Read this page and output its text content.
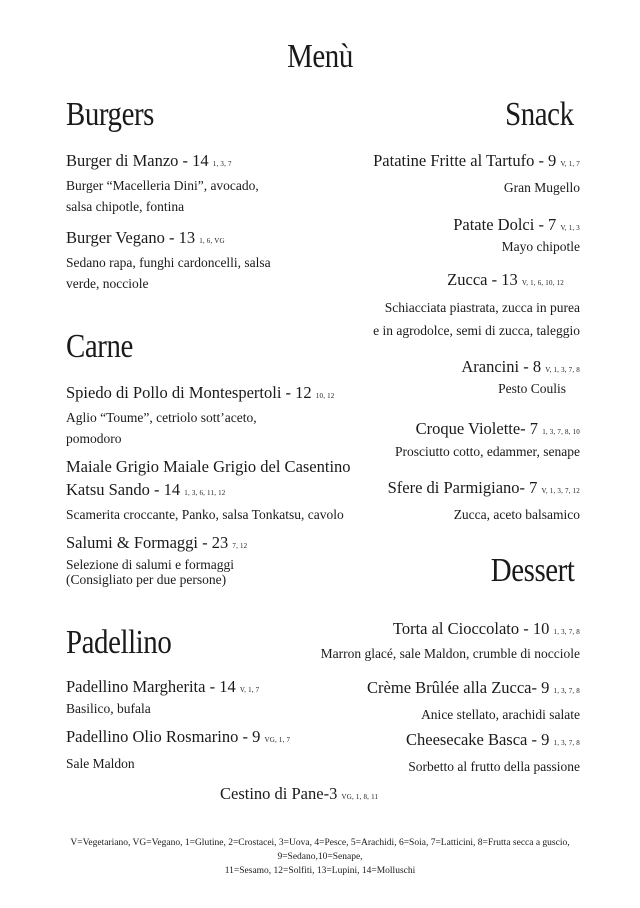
Menù
Burgers
Burger di Manzo - 14 1, 3, 7
Burger “Macelleria Dini”, avocado,
salsa chipotle, fontina
Burger Vegano - 13 1, 6, VG
Sedano rapa, funghi cardoncelli, salsa
verde, nocciole
Carne
Spiedo di Pollo di Montespertoli - 12 10, 12
Aglio “Toume”, cetriolo sott’aceto,
pomodoro
Maiale Grigio Maiale Grigio del Casentino
Katsu Sando - 14 1, 3, 6, 11, 12
Scamerita croccante, Panko, salsa Tonkatsu, cavolo
Salumi & Formaggi - 23 7, 12
Selezione di salumi e formaggi
(Consigliato per due persone)
Padellino
Padellino Margherita - 14 V, 1, 7
Basilico, bufala
Padellino Olio Rosmarino - 9 VG, 1, 7
Sale Maldon
Snack
Patatine Fritte al Tartufo - 9 V, 1, 7
Gran Mugello
Patate Dolci - 7 V, 1, 3
Mayo chipotle
Zucca - 13 V, 1, 6, 10, 12
Schiacciata piastrata, zucca in purea
e in agrodolce, semi di zucca, taleggio
Arancini - 8 V, 1, 3, 7, 8
Pesto Coulis
Croque Violette- 7 1, 3, 7, 8, 10
Prosciutto cotto, edammer, senape
Sfere di Parmigiano- 7 V, 1, 3, 7, 12
Zucca, aceto balsamico
Dessert
Torta al Cioccolato - 10 1, 3, 7, 8
Marron glacé, sale Maldon, crumble di nocciole
Crème Brûlée alla Zucca- 9 1, 3, 7, 8
Anice stellato, arachidi salate
Cheesecake Basca - 9 1, 3, 7, 8
Sorbetto al frutto della passione
Cestino di Pane-3 VG, 1, 8, 11
V=Vegetariano, VG=Vegano, 1=Glutine, 2=Crostacei, 3=Uova, 4=Pesce, 5=Arachidi, 6=Soia, 7=Latticini, 8=Frutta secca a guscio, 9=Sedano,10=Senape,
11=Sesamo, 12=Solfiti, 13=Lupini, 14=Molluschi
